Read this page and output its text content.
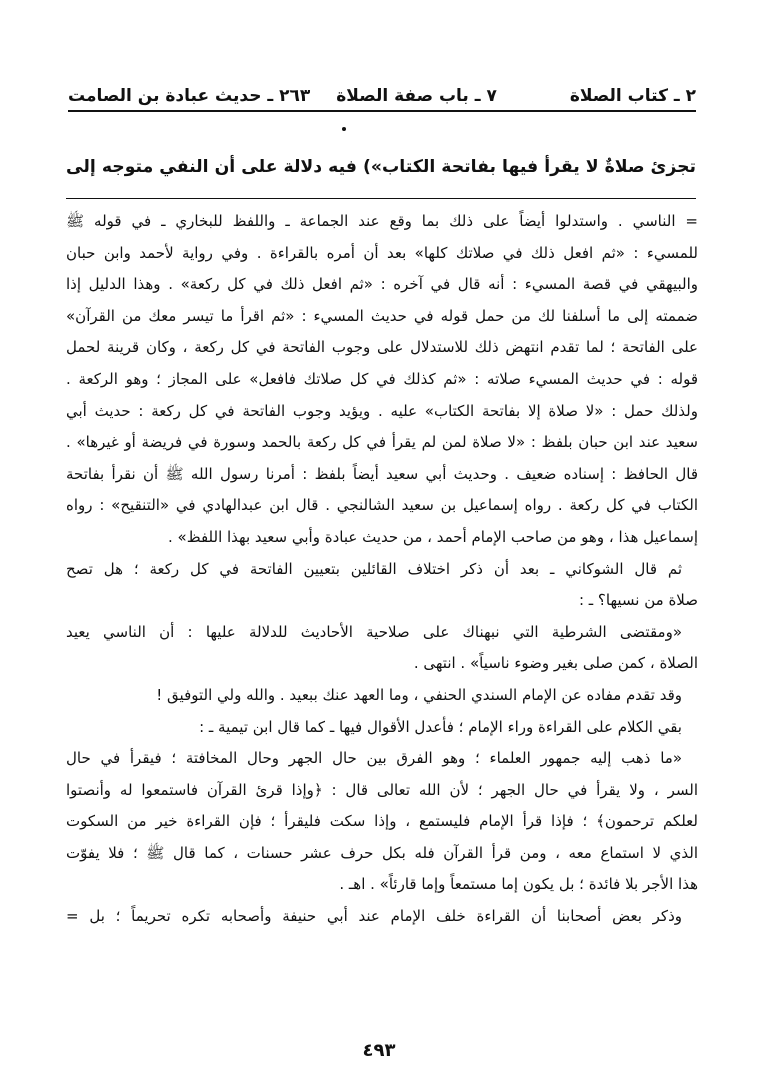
٢ ـ كتاب الصلاة
٧ ـ باب صفة الصلاة
٢٦٣ ـ حديث عبادة بن الصامت
تجزئ صلاةٌ لا يقرأ فيها بفاتحة الكتاب») فيه دلالة على أن النفي متوجه إلى

= الناسي . واستدلوا أيضاً على ذلك بما وقع عند الجماعة ـ واللفظ للبخاري ـ في قوله ﷺ

للمسيء : «ثم افعل ذلك في صلاتك كلها» بعد أن أمره بالقراءة . وفي رواية لأحمد وابن حبان

والبيهقي في قصة المسيء : أنه قال في آخره : «ثم افعل ذلك في كل ركعة» . وهذا الدليل إذا

ضممته إلى ما أسلفنا لك من حمل قوله في حديث المسيء : «ثم اقرأ ما تيسر معك من القرآن»

على الفاتحة ؛ لما تقدم انتهض ذلك للاستدلال على وجوب الفاتحة في كل ركعة ، وكان قرينة لحمل

قوله : في حديث المسيء صلاته : «ثم كذلك في كل صلاتك فافعل» على المجاز ؛ وهو الركعة .

ولذلك حمل : «لا صلاة إلا بفاتحة الكتاب» عليه . ويؤيد وجوب الفاتحة في كل ركعة : حديث أبي

سعيد عند ابن حبان بلفظ : «لا صلاة لمن لم يقرأ في كل ركعة بالحمد وسورة في فريضة أو غيرها» .

قال الحافظ : إسناده ضعيف . وحديث أبي سعيد أيضاً بلفظ : أمرنا رسول الله ﷺ أن نقرأ بفاتحة

الكتاب في كل ركعة . رواه إسماعيل بن سعيد الشالنجي . قال ابن عبدالهادي في «التنقيح» : رواه

إسماعيل هذا ، وهو من صاحب الإمام أحمد ، من حديث عبادة وأبي سعيد بهذا اللفظ» .

ثم قال الشوكاني ـ بعد أن ذكر اختلاف القائلين بتعيين الفاتحة في كل ركعة ؛ هل تصح

صلاة من نسيها؟ ـ :

«ومقتضى الشرطية التي نبهناك على صلاحية الأحاديث للدلالة عليها : أن الناسي يعيد

الصلاة ، كمن صلى بغير وضوء ناسياً» . انتهى .

وقد تقدم مفاده عن الإمام السندي الحنفي ، وما العهد عنك ببعيد . والله ولي التوفيق !

بقي الكلام على القراءة وراء الإمام ؛ فأعدل الأقوال فيها ـ كما قال ابن تيمية ـ :

«ما ذهب إليه جمهور العلماء ؛ وهو الفرق بين حال الجهر وحال المخافتة ؛ فيقرأ في حال

السر ، ولا يقرأ في حال الجهر ؛ لأن الله تعالى قال : ﴿وإذا قرئ القرآن فاستمعوا له وأنصتوا

لعلكم ترحمون﴾ ؛ فإذا قرأ الإمام فليستمع ، وإذا سكت فليقرأ ؛ فإن القراءة خير من السكوت

الذي لا استماع معه ، ومن قرأ القرآن فله بكل حرف عشر حسنات ، كما قال ﷺ ؛ فلا يفوّت

هذا الأجر بلا فائدة ؛ بل يكون إما مستمعاً وإما قارئاً» . اهـ .

وذكر بعض أصحابنا أن القراءة خلف الإمام عند أبي حنيفة وأصحابه تكره تحريماً ؛ بل =

٤٩٣
